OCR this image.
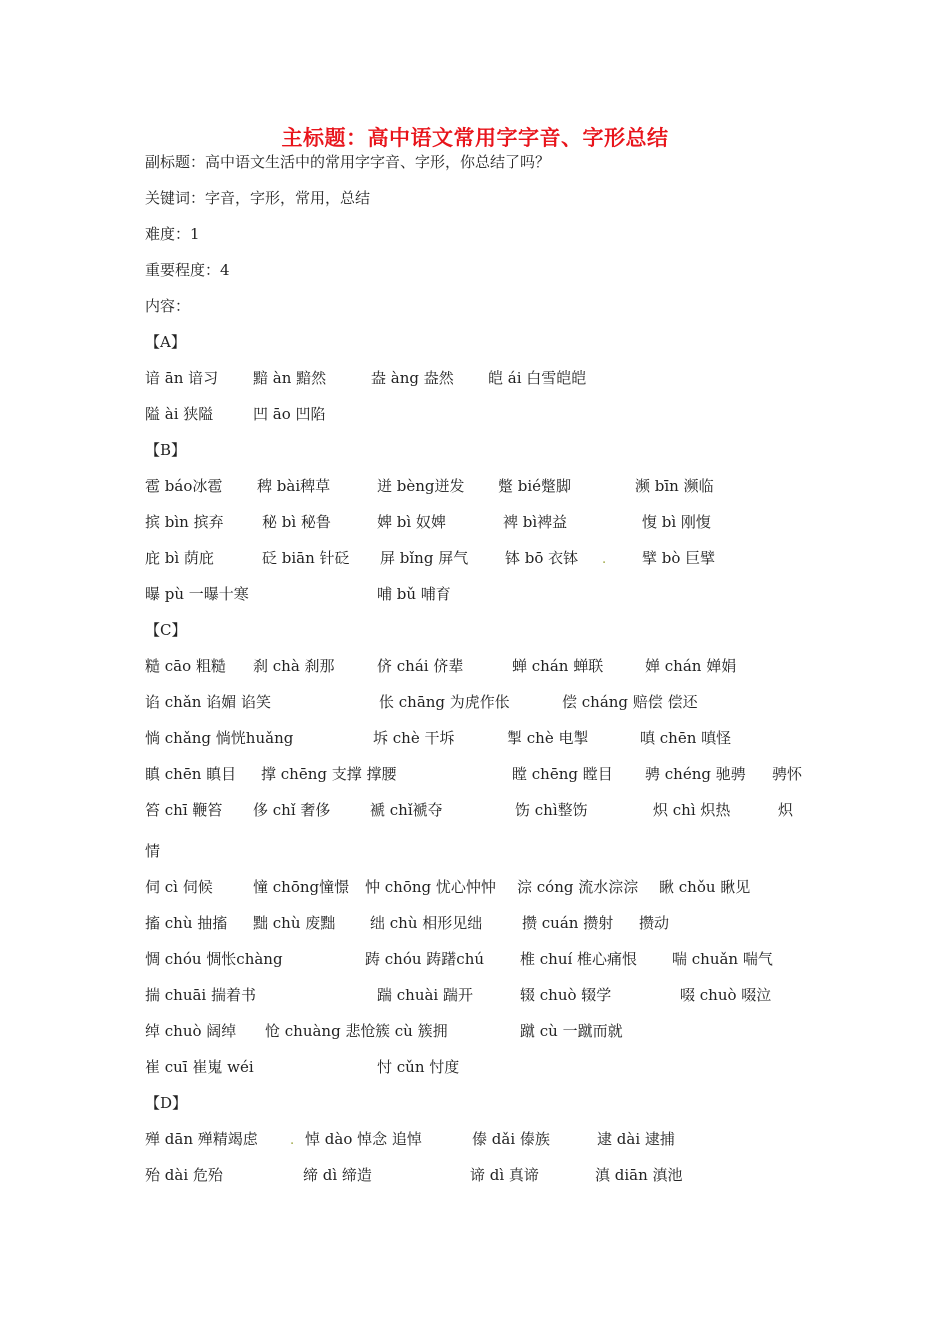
主标题：高中语文常用字字音、字形总结

副标题：高中语文生活中的常用字字音、字形，你总结了吗？

关键词：字音，字形，常用，总结

难度：1

重要程度：4

内容：

【A】
谙 ān 谙习 黯 àn 黯然	盎 àng 盎然 皑 ái 白雪皑皑
隘 ài 狭隘	凹 āo 凹陷
【B】
雹 báo冰雹 稗 bài稗草	迸 bèng迸发 蹩 bié蹩脚	濒 bīn 濒临
摈 bìn 摈弃	秘 bì 秘鲁	婢 bì 奴婢	裨 bì裨益	愎 bì 刚愎
庇 bì 荫庇	砭 biān 针砭 屏 bǐng 屏气 钵 bō 衣钵 . 擘 bò 巨擘
曝 pù 一曝十寒	哺 bǔ 哺育
【C】
糙 cāo 粗糙 刹 chà 刹那	侪 chái 侪辈	蝉 chán 蝉联	婵 chán 婵娟
谄 chǎn 谄媚 谄笑	伥 chāng 为虎作伥	偿 cháng 赔偿 偿还
惝 chǎng 惝恍huǎng	坼 chè 干坼	掣 chè 电掣	嗔 chēn 嗔怪
瞋 chēn 瞋目 撑 chēng 支撑 撑腰	瞠 chēng 瞠目 骋 chéng 驰骋 骋怀
笞 chī 鞭笞 侈 chǐ 奢侈	褫 chǐ褫夺	饬 chì整饬	炽 chì 炽热	炽
情
伺 cì 伺候	憧 chōng憧憬 忡 chōng 忧心忡忡 淙 cóng 流水淙淙 瞅 chǒu 瞅见
搐 chù 抽搐 黜 chù 废黜 绌 chù 相形见绌	攒 cuán 攒射 攒动
惆 chóu 惆怅chàng	踌 chóu 踌躇chú 椎 chuí 椎心痛恨 喘 chuǎn 喘气
揣 chuāi 揣着书	踹 chuài 踹开	辍 chuò 辍学	啜 chuò 啜泣
绰 chuò 阔绰 怆 chuàng 悲怆 簇 cù 簇拥	蹴 cù 一蹴而就
崔 cuī 崔嵬 wéi	忖 cǔn 忖度
【D】
殚 dān 殚精竭虑 . 悼 dào 悼念 追悼	傣 dǎi 傣族	逮 dài 逮捕
殆 dài 危殆	缔 dì 缔造	谛 dì 真谛	滇 diān 滇池
